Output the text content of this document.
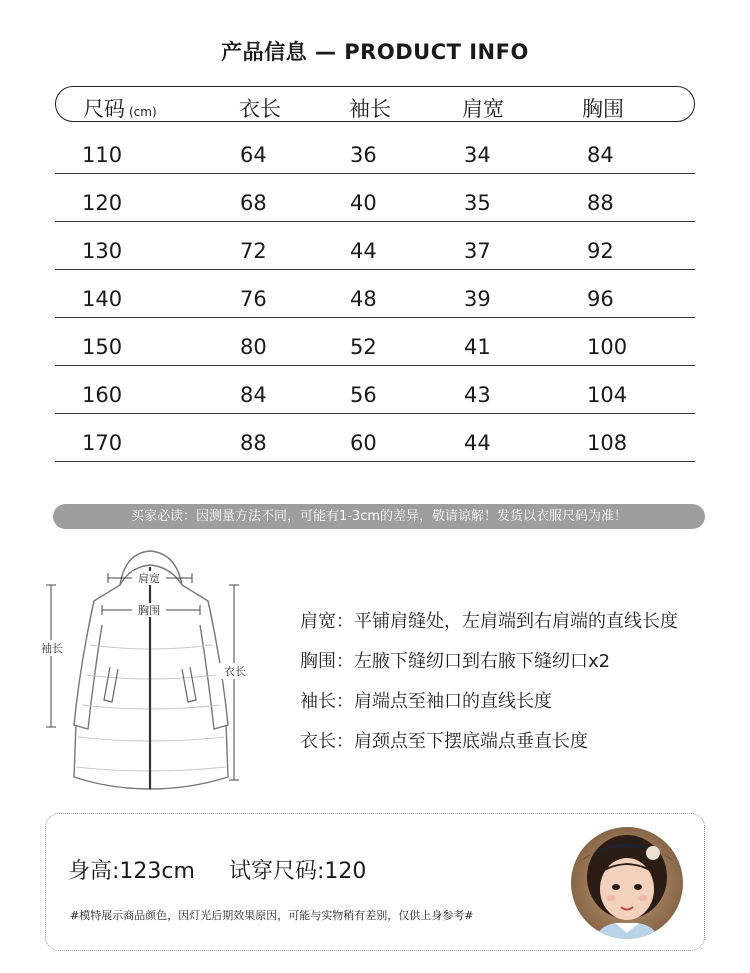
产品信息 — PRODUCT INFO
尺码 (cm)	衣长	袖长	肩宽	胸围
110	64	36	34	84
120	68	40	35	88
130	72	44	37	92
140	76	48	39	96
150	80	52	41	100
160	84	56	43	104
170	88	60	44	108
买家必读：因测量方法不同，可能有1-3cm的差异，敬请谅解！发货以衣服尺码为准！
肩宽
胸围
袖长
衣长
肩宽：平铺肩缝处，左肩端到右肩端的直线长度
胸围：左腋下缝纫口到右腋下缝纫口x2
袖长：肩端点至袖口的直线长度
衣长：肩颈点至下摆底端点垂直长度
身高:123cm 试穿尺码:120
#模特展示商品颜色，因灯光后期效果原因，可能与实物稍有差别，仅供上身参考#
